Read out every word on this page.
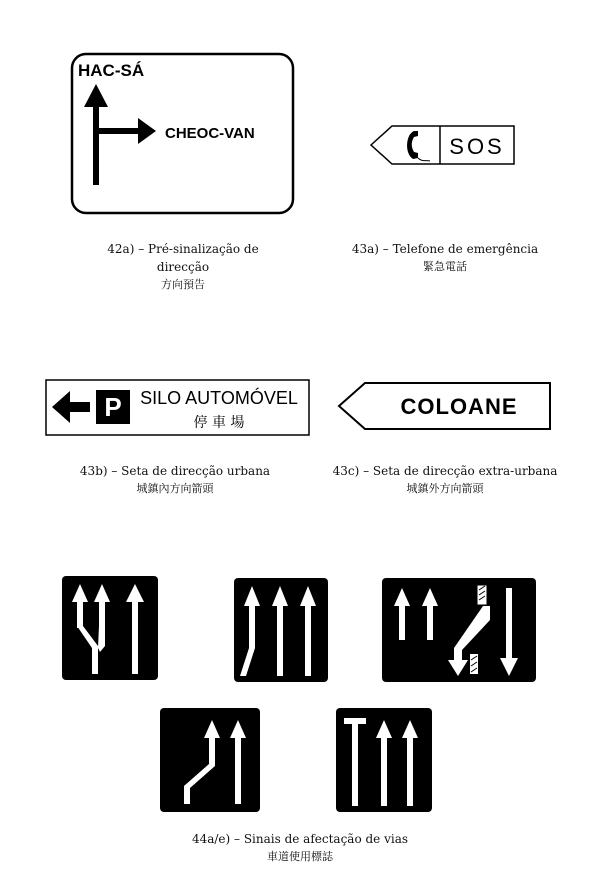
HAC-SÁ
CHEOC-VAN
42a) – Pré-sinalização de
direcção
方向預告
SOS
43a) – Telefone de emergência
緊急電話
P SILO AUTOMÓVEL
停 車 場
43b) – Seta de direcção urbana
城鎮內方向箭頭
COLOANE
43c) – Seta de direcção extra-urbana
城鎮外方向箭頭
44a/e) – Sinais de afectação de vias
車道使用標誌
